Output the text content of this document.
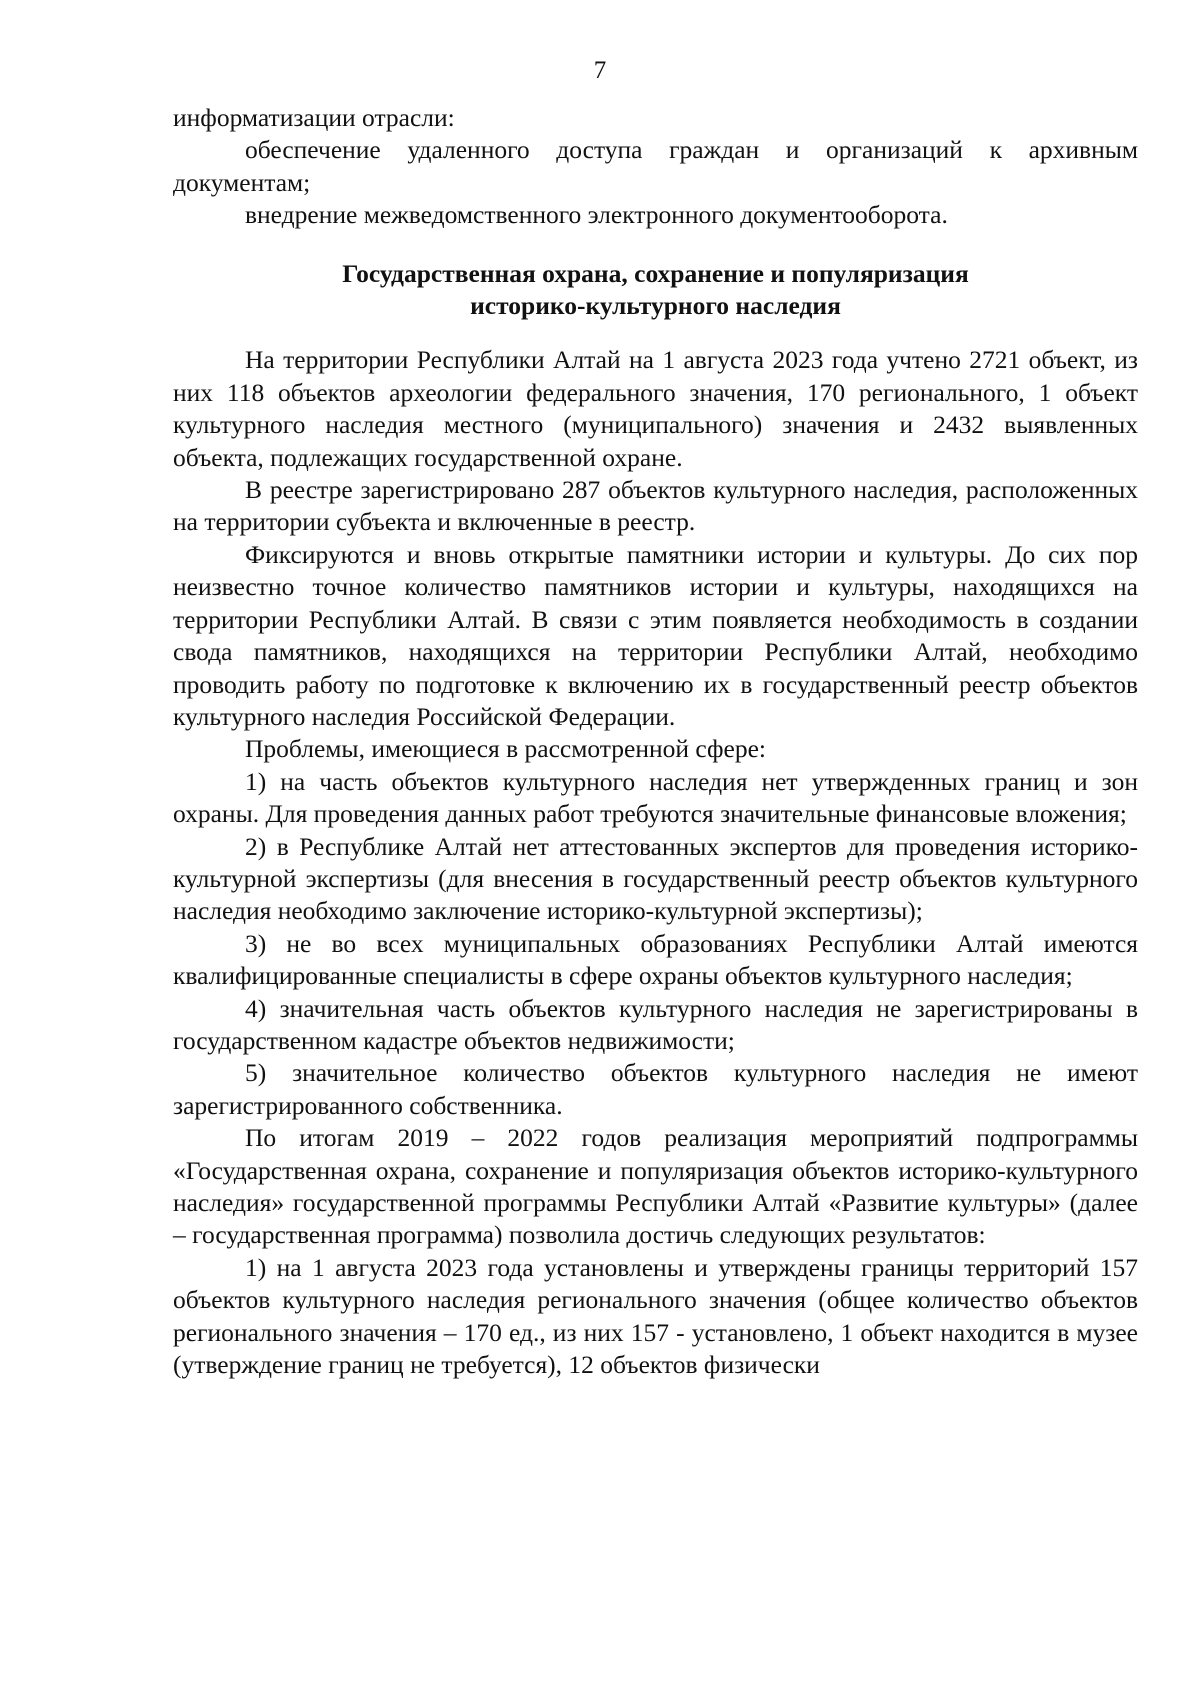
7

информатизации отрасли:

обеспечение удаленного доступа граждан и организаций к архивным документам;

внедрение межведомственного электронного документооборота.

Государственная охрана, сохранение и популяризация
историко-культурного наследия

На территории Республики Алтай на 1 августа 2023 года учтено 2721 объект, из них 118 объектов археологии федерального значения, 170 регионального, 1 объект культурного наследия местного (муниципального) значения и 2432 выявленных объекта, подлежащих государственной охране.

В реестре зарегистрировано 287 объектов культурного наследия, расположенных на территории субъекта и включенные в реестр.

Фиксируются и вновь открытые памятники истории и культуры. До сих пор неизвестно точное количество памятников истории и культуры, находящихся на территории Республики Алтай. В связи с этим появляется необходимость в создании свода памятников, находящихся на территории Республики Алтай, необходимо проводить работу по подготовке к включению их в государственный реестр объектов культурного наследия Российской Федерации.

Проблемы, имеющиеся в рассмотренной сфере:

1) на часть объектов культурного наследия нет утвержденных границ и зон охраны. Для проведения данных работ требуются значительные финансовые вложения;

2) в Республике Алтай нет аттестованных экспертов для проведения историко-культурной экспертизы (для внесения в государственный реестр объектов культурного наследия необходимо заключение историко-культурной экспертизы);

3) не во всех муниципальных образованиях Республики Алтай имеются квалифицированные специалисты в сфере охраны объектов культурного наследия;

4) значительная часть объектов культурного наследия не зарегистрированы в государственном кадастре объектов недвижимости;

5) значительное количество объектов культурного наследия не имеют зарегистрированного собственника.

По итогам 2019 – 2022 годов реализация мероприятий подпрограммы «Государственная охрана, сохранение и популяризация объектов историко-культурного наследия» государственной программы Республики Алтай «Развитие культуры» (далее – государственная программа) позволила достичь следующих результатов:

1) на 1 августа 2023 года установлены и утверждены границы территорий 157 объектов культурного наследия регионального значения (общее количество объектов регионального значения – 170 ед., из них 157 - установлено, 1 объект находится в музее (утверждение границ не требуется), 12 объектов физически
